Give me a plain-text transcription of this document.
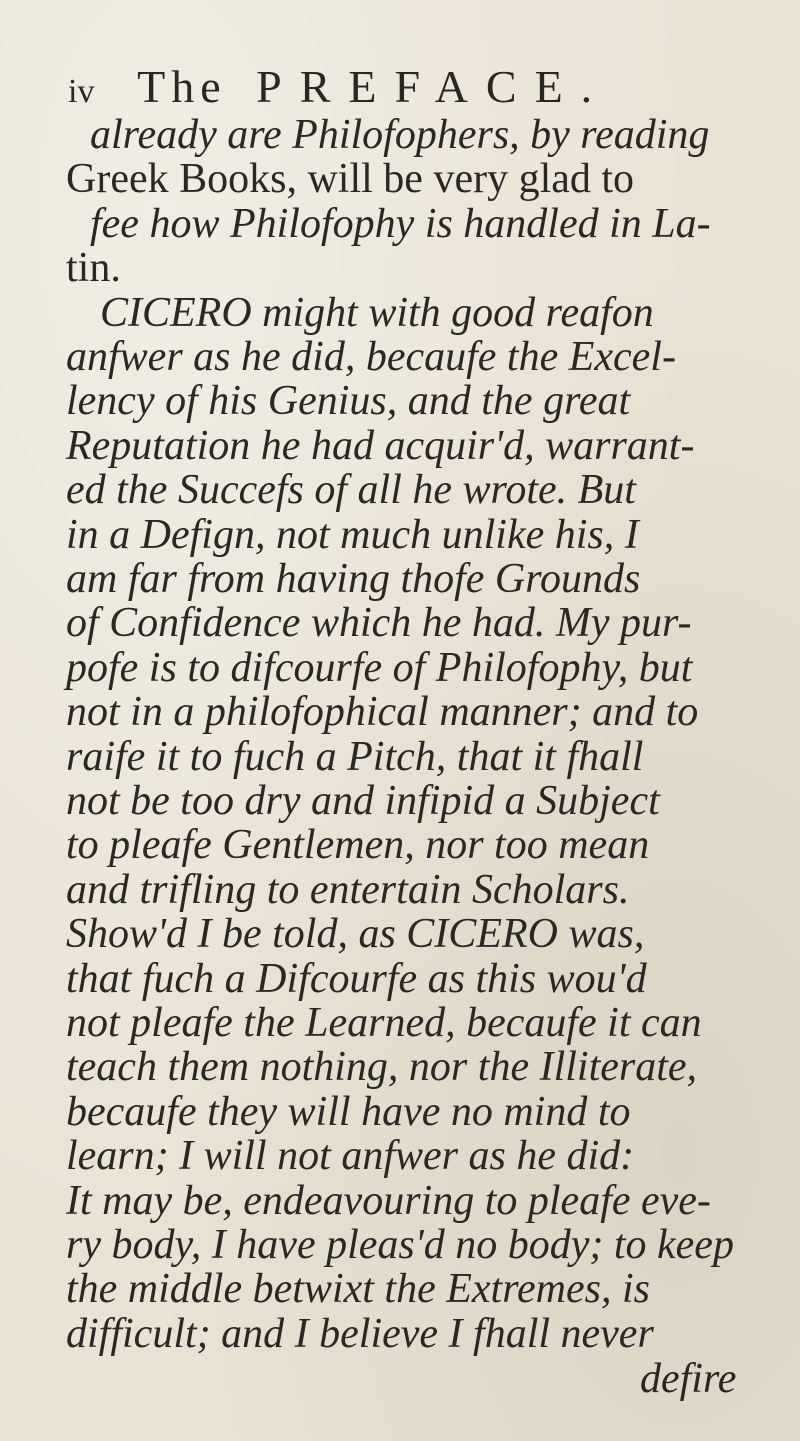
iv The PREFACE.
already are Philofophers, by reading
Greek Books, will be very glad to
fee how Philofophy is handled in La-
tin.
CICERO might with good reafon
anfwer as he did, becaufe the Excel-
lency of his Genius, and the great
Reputation he had acquir'd, warrant-
ed the Succefs of all he wrote. But
in a Defign, not much unlike his, I
am far from having thofe Grounds
of Confidence which he had. My pur-
pofe is to difcourfe of Philofophy, but
not in a philofophical manner; and to
raife it to fuch a Pitch, that it fhall
not be too dry and infipid a Subject
to pleafe Gentlemen, nor too mean
and trifling to entertain Scholars.
Show'd I be told, as CICERO was,
that fuch a Difcourfe as this wou'd
not pleafe the Learned, becaufe it can
teach them nothing, nor the Illiterate,
becaufe they will have no mind to
learn; I will not anfwer as he did:
It may be, endeavouring to pleafe eve-
ry body, I have pleas'd no body; to keep
the middle betwixt the Extremes, is
difficult; and I believe I fhall never
defire
